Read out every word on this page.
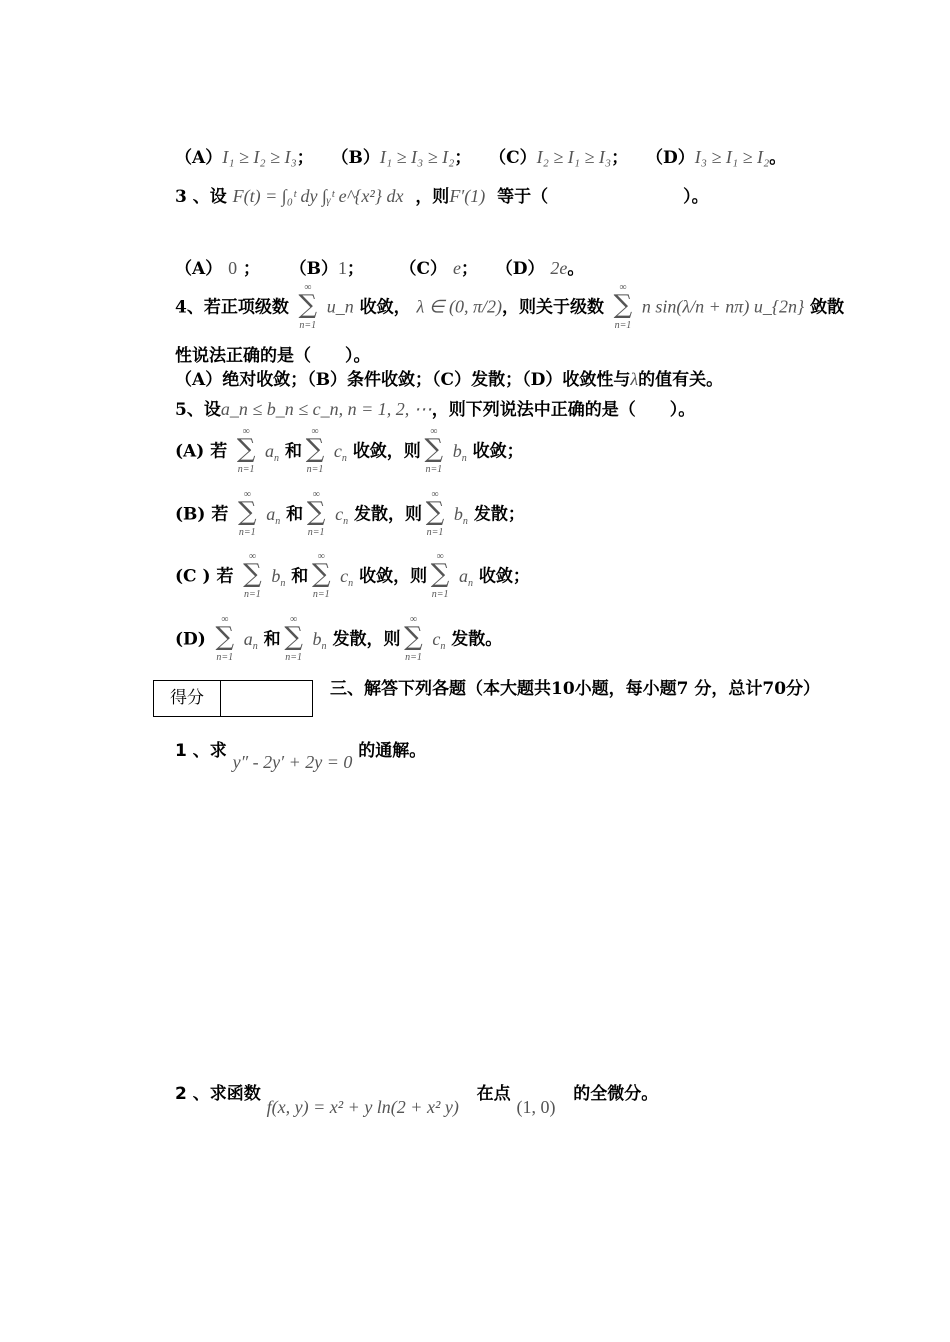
（A）I₁ ≥ I₂ ≥ I₃； （B）I₁ ≥ I₃ ≥ I₂； （C）I₂ ≥ I₁ ≥ I₃； （D）I₃ ≥ I₁ ≥ I₂。
3 、设 F(t) = ∫₀ᵗ dy ∫ᵧᵗ e^{x²} dx ，则F′(1) 等于（	）。
（A） 0 ；     （B）1；      （C） e；   （D） 2e。
4、若正项级数
∞
∑
n=1
u_n 收敛， λ ∈ (0, π/2)，则关于级数
∞
∑
n=1
n sin(λ/n + nπ) u_{2n} 敛散
性说法正确的是（　　）。
（A）绝对收敛；（B）条件收敛；（C）发散；（D）收敛性与λ的值有关。
5、设a_n ≤ b_n ≤ c_n, n = 1, 2, ⋯，则下列说法中正确的是（　　）。
(A) 若
∞
∑
n=1
$a_n$ 和
∞
∑
n=1
$c_n$ 收敛，则
∞
∑
n=1
$b_n$ 收敛；
(B) 若
∞
∑
n=1
$a_n$ 和
∞
∑
n=1
$c_n$ 发散，则
∞
∑
n=1
$b_n$ 发散；
(C ) 若
∞
∑
n=1
$b_n$ 和
∞
∑
n=1
$c_n$ 收敛，则
∞
∑
n=1
$a_n$ 收敛；
(D)
∞
∑
n=1
$a_n$ 和
∞
∑
n=1
$b_n$ 发散，则
∞
∑
n=1
$c_n$ 发散。
得分	三、解答下列各题（本大题共10小题，每小题7 分，总计70分）
1 、求 y″ - 2y′ + 2y = 0 的通解。
2 、求函数 f(x, y) = x² + y ln(2 + x² y)   在点 (1, 0)   的全微分。
